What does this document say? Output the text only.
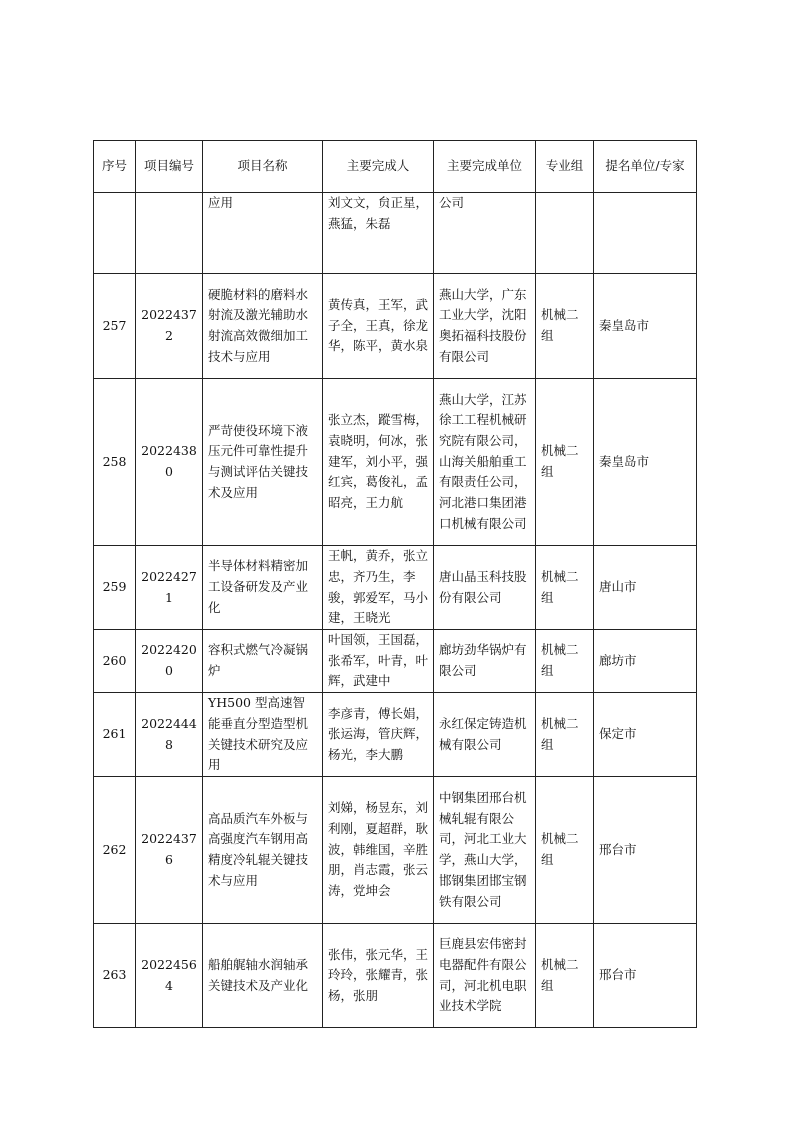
序号	项目编号	项目名称	主要完成人	主要完成单位	专业组	提名单位/专家
		应用	刘文文，贠正星，燕猛，朱磊	公司		
257	20224372	硬脆材料的磨料水射流及激光辅助水射流高效微细加工技术与应用	黄传真，王军，武子全，王真，徐龙华，陈平，黄水泉	燕山大学，广东工业大学，沈阳奥拓福科技股份有限公司	机械二组	秦皇岛市
258	20224380	严苛使役环境下液压元件可靠性提升与测试评估关键技术及应用	张立杰，蹤雪梅，袁晓明，何冰，张建军，刘小平，强红宾，葛俊礼，孟昭亮，王力航	燕山大学，江苏徐工工程机械研究院有限公司，山海关船舶重工有限责任公司，河北港口集团港口机械有限公司	机械二组	秦皇岛市
259	20224271	半导体材料精密加工设备研发及产业化	王帆，黄乔，张立忠，齐乃生，李骏，郭爱军，马小建，王晓光	唐山晶玉科技股份有限公司	机械二组	唐山市
260	20224200	容积式燃气冷凝锅炉	叶国领，王国磊，张希军，叶青，叶辉，武建中	廊坊劲华锅炉有限公司	机械二组	廊坊市
261	20224448	YH500 型高速智能垂直分型造型机关键技术研究及应用	李彦青，傅长娟，张运海，管庆辉，杨光，李大鹏	永红保定铸造机械有限公司	机械二组	保定市
262	20224376	高品质汽车外板与高强度汽车钢用高精度冷轧辊关键技术与应用	刘娣，杨昱东，刘利刚，夏超群，耿波，韩维国，辛胜朋，肖志霞，张云涛，党坤会	中钢集团邢台机械轧辊有限公司，河北工业大学，燕山大学，邯钢集团邯宝钢铁有限公司	机械二组	邢台市
263	20224564	船舶艉轴水润轴承关键技术及产业化	张伟，张元华，王玲玲，张耀青，张杨，张朋	巨鹿县宏伟密封电器配件有限公司，河北机电职业技术学院	机械二组	邢台市
